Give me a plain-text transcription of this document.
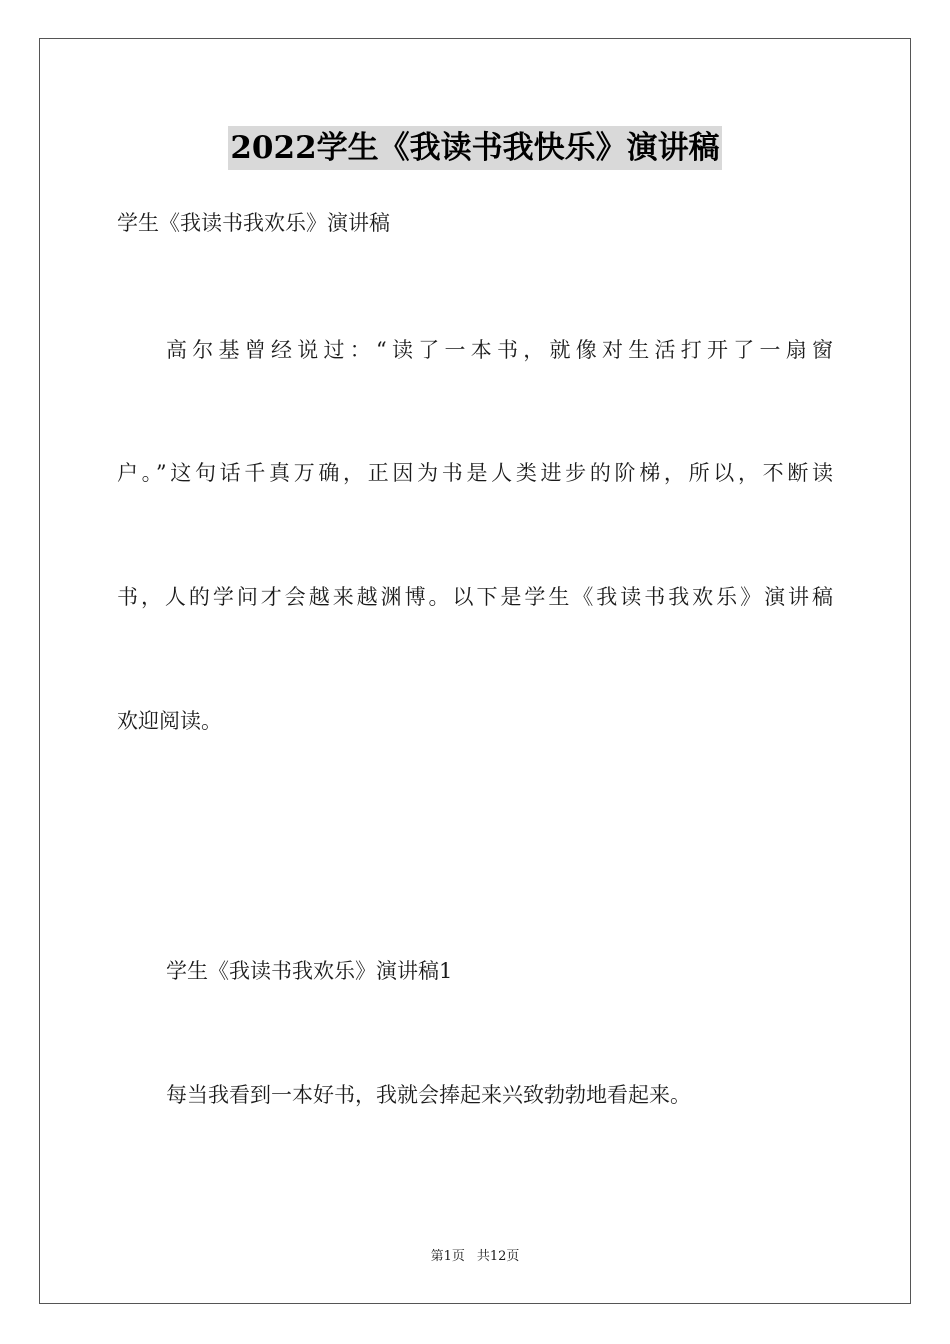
2022学生《我读书我快乐》演讲稿
学生《我读书我欢乐》演讲稿
高尔基曾经说过：“读了一本书，就像对生活打开了一扇窗
户。”这句话千真万确，正因为书是人类进步的阶梯，所以，不断读
书，人的学问才会越来越渊博。以下是学生《我读书我欢乐》演讲稿
欢迎阅读。
学生《我读书我欢乐》演讲稿1
每当我看到一本好书，我就会捧起来兴致勃勃地看起来。
第1页 共12页
